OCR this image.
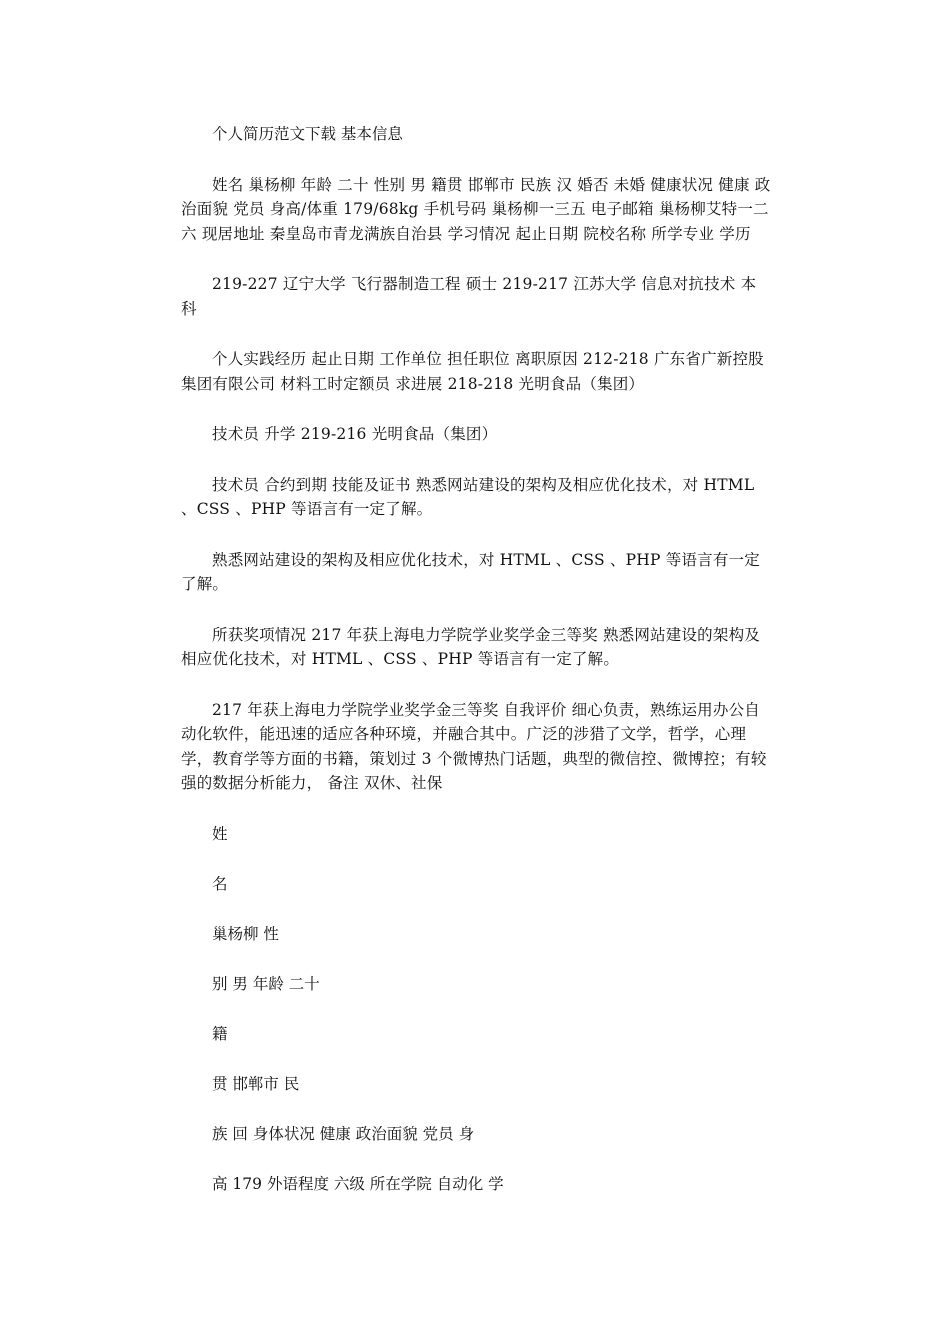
个人简历范文下载 基本信息

姓名 巢杨柳 年龄 二十 性别 男 籍贯 邯郸市 民族 汉 婚否 未婚 健康状况 健康 政治面貌 党员 身高/体重 179/68kg 手机号码 巢杨柳一三五 电子邮箱 巢杨柳艾特一二六 现居地址 秦皇岛市青龙满族自治县 学习情况 起止日期 院校名称 所学专业 学历

219-227 辽宁大学 飞行器制造工程 硕士 219-217 江苏大学 信息对抗技术 本科

个人实践经历 起止日期 工作单位 担任职位 离职原因 212-218 广东省广新控股集团有限公司 材料工时定额员 求进展 218-218 光明食品（集团）

技术员 升学 219-216 光明食品（集团）

技术员 合约到期 技能及证书 熟悉网站建设的架构及相应优化技术，对 HTML 、CSS 、PHP 等语言有一定了解。

熟悉网站建设的架构及相应优化技术，对 HTML 、CSS 、PHP 等语言有一定了解。

所获奖项情况 217 年获上海电力学院学业奖学金三等奖 熟悉网站建设的架构及相应优化技术，对 HTML 、CSS 、PHP 等语言有一定了解。

217 年获上海电力学院学业奖学金三等奖 自我评价 细心负责，熟练运用办公自动化软件，能迅速的适应各种环境，并融合其中。广泛的涉猎了文学，哲学，心理学，教育学等方面的书籍，策划过 3 个微博热门话题，典型的微信控、微博控；有较强的数据分析能力， 备注 双休、社保

姓

名

巢杨柳 性

别 男 年龄 二十

籍

贯 邯郸市 民

族 回 身体状况 健康 政治面貌 党员 身

高 179 外语程度 六级 所在学院 自动化 学
